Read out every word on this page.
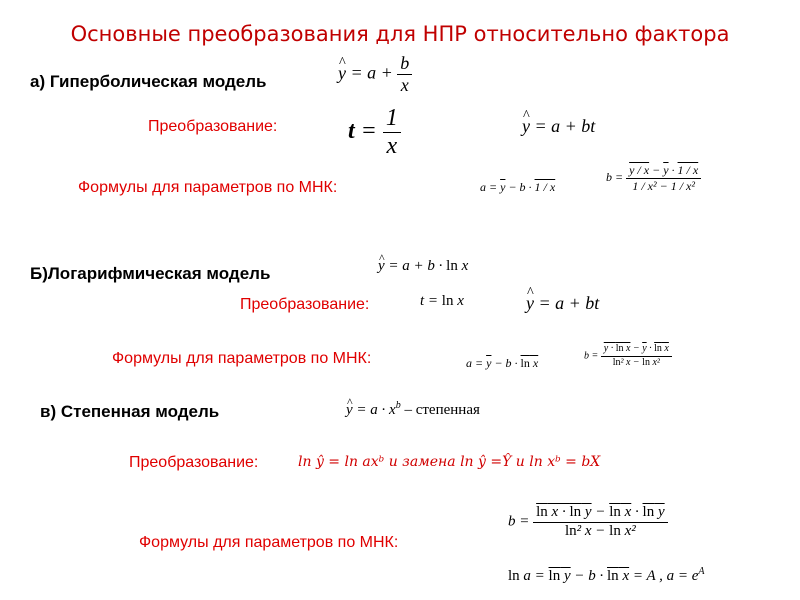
Основные преобразования для НПР относительно фактора
а) Гиперболическая модель	^ $y = a + \frac{b}{x}$
Преобразование:	$t = \frac{1}{x}$	^ y = a + bt
Формулы для параметров по МНК:	$a = \overline{y} - b \cdot 1 / x$
$b = \frac{y / x - \overline{y} \cdot 1 / x}{\text{1 / x² − 1 / x²}}$
Б)Логарифмическая модель	^ y = a + b · ln x
Преобразование:	t = ln x	^ y = a + bt
Формулы для параметров по МНК:	$a = \overline{y} - b \cdot \ln x$
$b = \frac{y \cdot \ln x - \overline{y} \cdot \ln x}{\text{ln² x − ln x²}}$
в) Степенная модель	^ $y = a \cdot x^b$ – степенная
Преобразование:	ln ŷ = ln axᵇ и замена ln ŷ =Ŷ и ln xᵇ = bX
$b = \frac{\text{ln x · ln y − ln x · ln y}}{\text{ln² x − ln x²}}$
Формулы для параметров по МНК:
ln a = ln y − b · ln x = A , $a = e^A$
